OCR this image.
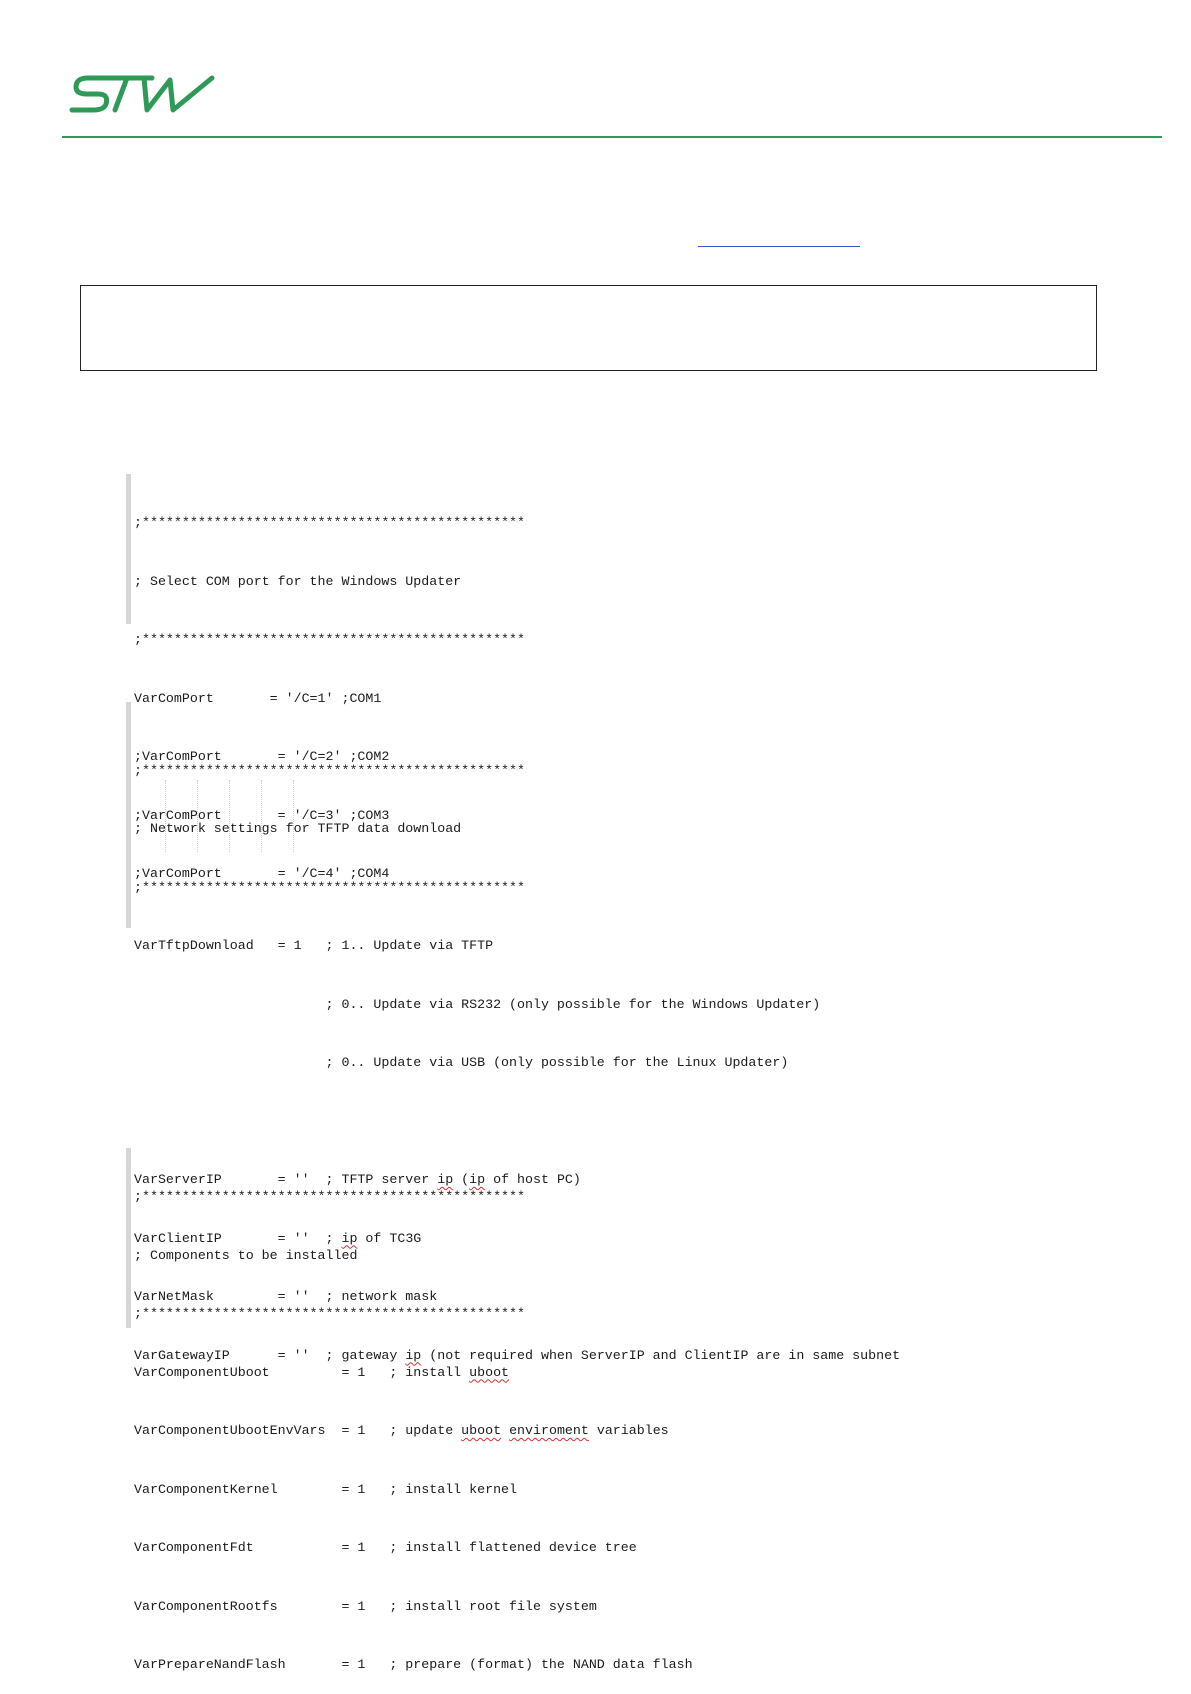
;************************************************

; Select COM port for the Windows Updater

;************************************************

VarComPort       = '/C=1' ;COM1

;VarComPort       = '/C=2' ;COM2

;VarComPort       = '/C=3' ;COM3

;VarComPort       = '/C=4' ;COM4

;************************************************

; Network settings for TFTP data download

;************************************************

VarTftpDownload   = 1   ; 1.. Update via TFTP

; 0.. Update via RS232 (only possible for the Windows Updater)

; 0.. Update via USB (only possible for the Linux Updater)

VarServerIP       = ''  ; TFTP server ip (ip of host PC)

VarClientIP       = ''  ; ip of TC3G

VarNetMask        = ''  ; network mask

VarGatewayIP      = ''  ; gateway ip (not required when ServerIP and ClientIP are in same subnet

;************************************************

; Components to be installed

;************************************************

VarComponentUboot         = 1   ; install uboot

VarComponentUbootEnvVars  = 1   ; update uboot enviroment variables

VarComponentKernel        = 1   ; install kernel

VarComponentFdt           = 1   ; install flattened device tree

VarComponentRootfs        = 1   ; install root file system

VarPrepareNandFlash       = 1   ; prepare (format) the NAND data flash
